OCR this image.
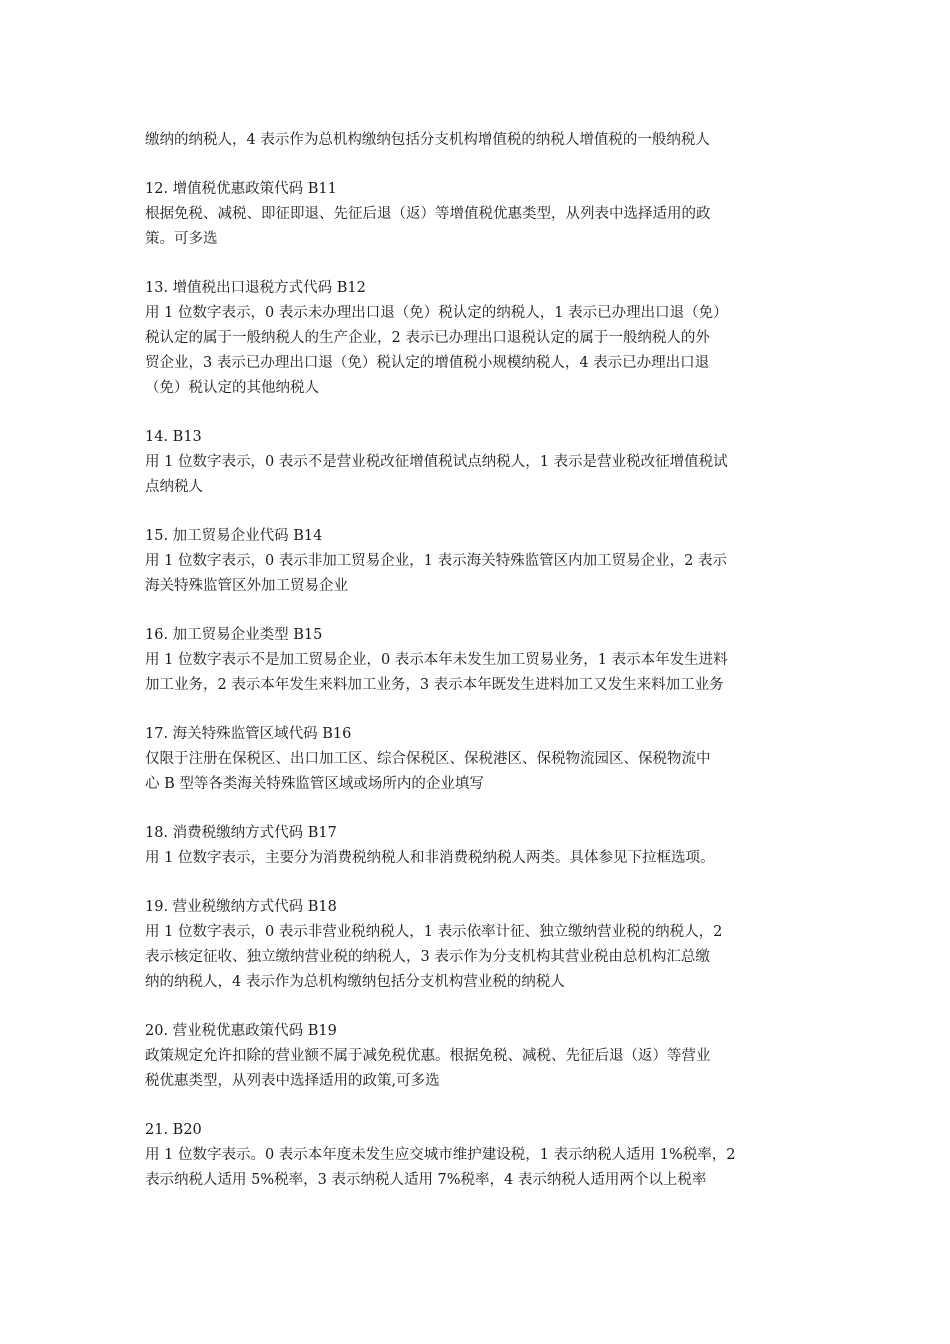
缴纳的纳税人，4 表示作为总机构缴纳包括分支机构增值税的纳税人增值税的一般纳税人
12. 增值税优惠政策代码 B11
根据免税、减税、即征即退、先征后退（返）等增值税优惠类型，从列表中选择适用的政
策。可多选
13. 增值税出口退税方式代码 B12
用 1 位数字表示，0 表示未办理出口退（免）税认定的纳税人，1 表示已办理出口退（免）
税认定的属于一般纳税人的生产企业，2 表示已办理出口退税认定的属于一般纳税人的外
贸企业，3 表示已办理出口退（免）税认定的增值税小规模纳税人，4 表示已办理出口退
（免）税认定的其他纳税人
14. B13
用 1 位数字表示，0 表示不是营业税改征增值税试点纳税人，1 表示是营业税改征增值税试
点纳税人
15. 加工贸易企业代码 B14
用 1 位数字表示，0 表示非加工贸易企业，1 表示海关特殊监管区内加工贸易企业，2 表示
海关特殊监管区外加工贸易企业
16. 加工贸易企业类型 B15
用 1 位数字表示不是加工贸易企业，0 表示本年未发生加工贸易业务，1 表示本年发生进料
加工业务，2 表示本年发生来料加工业务，3 表示本年既发生进料加工又发生来料加工业务
17. 海关特殊监管区域代码 B16
仅限于注册在保税区、出口加工区、综合保税区、保税港区、保税物流园区、保税物流中
心 B 型等各类海关特殊监管区域或场所内的企业填写
18. 消费税缴纳方式代码 B17
用 1 位数字表示，主要分为消费税纳税人和非消费税纳税人两类。具体参见下拉框选项。
19. 营业税缴纳方式代码 B18
用 1 位数字表示，0 表示非营业税纳税人，1 表示依率计征、独立缴纳营业税的纳税人，2
表示核定征收、独立缴纳营业税的纳税人，3 表示作为分支机构其营业税由总机构汇总缴
纳的纳税人，4 表示作为总机构缴纳包括分支机构营业税的纳税人
20. 营业税优惠政策代码 B19
政策规定允许扣除的营业额不属于减免税优惠。根据免税、减税、先征后退（返）等营业
税优惠类型，从列表中选择适用的政策,可多选
21. B20
用 1 位数字表示。0 表示本年度未发生应交城市维护建设税，1 表示纳税人适用 1%税率，2
表示纳税人适用 5%税率，3 表示纳税人适用 7%税率，4 表示纳税人适用两个以上税率
